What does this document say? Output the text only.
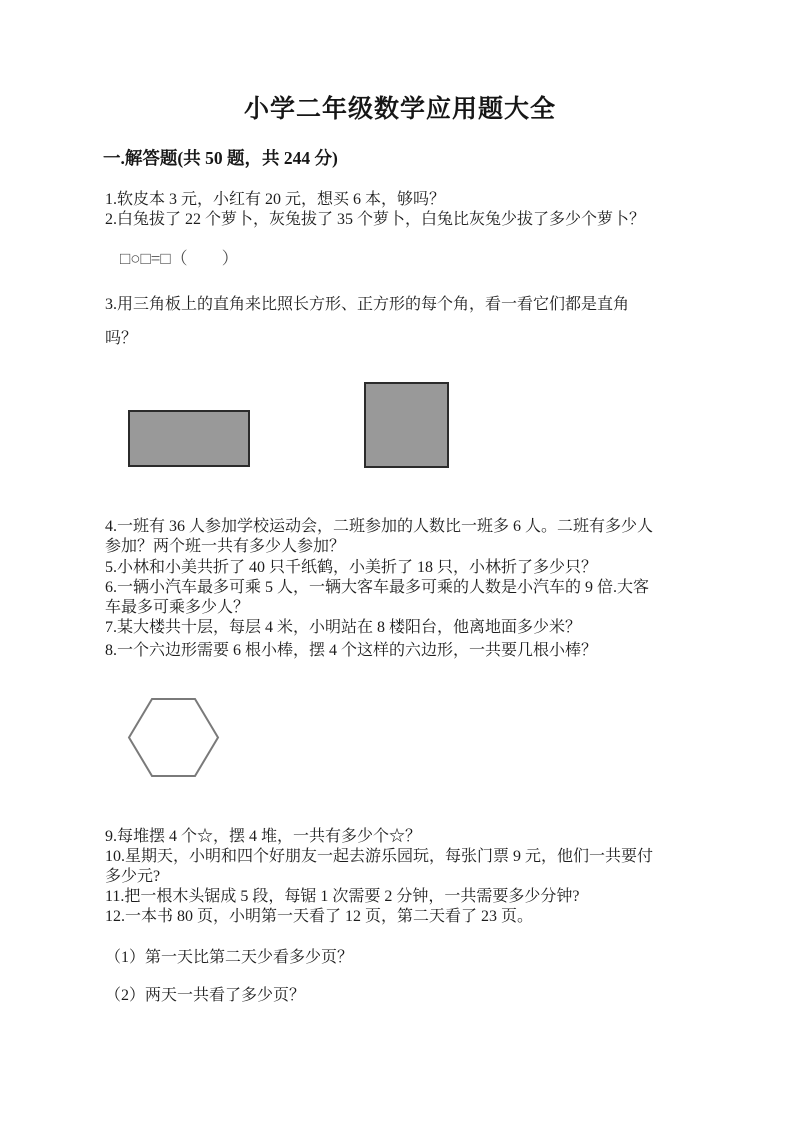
小学二年级数学应用题大全
一.解答题(共 50 题，共 244 分)
1.软皮本 3 元，小红有 20 元，想买 6 本，够吗？
2.白兔拔了 22 个萝卜，灰兔拔了 35 个萝卜，白兔比灰兔少拔了多少个萝卜？
□○□=□（　　）
3.用三角板上的直角来比照长方形、正方形的每个角，看一看它们都是直角
吗？
4.一班有 36 人参加学校运动会，二班参加的人数比一班多 6 人。二班有多少人
参加？两个班一共有多少人参加？
5.小林和小美共折了 40 只千纸鹤，小美折了 18 只，小林折了多少只？
6.一辆小汽车最多可乘 5 人，一辆大客车最多可乘的人数是小汽车的 9 倍.大客
车最多可乘多少人？
7.某大楼共十层，每层 4 米，小明站在 8 楼阳台，他离地面多少米？
8.一个六边形需要 6 根小棒，摆 4 个这样的六边形，一共要几根小棒？
9.每堆摆 4 个☆，摆 4 堆，一共有多少个☆？
10.星期天，小明和四个好朋友一起去游乐园玩，每张门票 9 元，他们一共要付
多少元?
11.把一根木头锯成 5 段，每锯 1 次需要 2 分钟，一共需要多少分钟?
12.一本书 80 页，小明第一天看了 12 页，第二天看了 23 页。
（1）第一天比第二天少看多少页？
（2）两天一共看了多少页？
